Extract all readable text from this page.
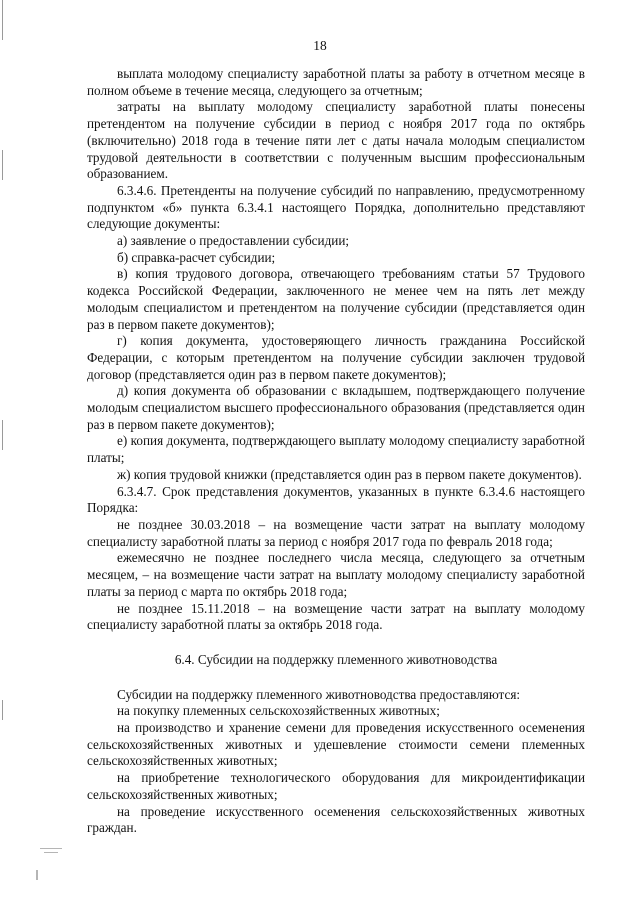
18

выплата молодому специалисту заработной платы за работу в отчетном месяце в полном объеме в течение месяца, следующего за отчетным;

затраты на выплату молодому специалисту заработной платы понесены претендентом на получение субсидии в период с ноября 2017 года по октябрь (включительно) 2018 года в течение пяти лет с даты начала молодым специалистом трудовой деятельности в соответствии с полученным высшим профессиональным образованием.

6.3.4.6. Претенденты на получение субсидий по направлению, предусмотренному подпунктом «б» пункта 6.3.4.1 настоящего Порядка, дополнительно представляют следующие документы:

а) заявление о предоставлении субсидии;

б) справка-расчет субсидии;

в) копия трудового договора, отвечающего требованиям статьи 57 Трудового кодекса Российской Федерации, заключенного не менее чем на пять лет между молодым специалистом и претендентом на получение субсидии (представляется один раз в первом пакете документов);

г) копия документа, удостоверяющего личность гражданина Российской Федерации, с которым претендентом на получение субсидии заключен трудовой договор (представляется один раз в первом пакете документов);

д) копия документа об образовании с вкладышем, подтверждающего получение молодым специалистом высшего профессионального образования (представляется один раз в первом пакете документов);

е) копия документа, подтверждающего выплату молодому специалисту заработной платы;

ж) копия трудовой книжки (представляется один раз в первом пакете документов).

6.3.4.7. Срок представления документов, указанных в пункте 6.3.4.6 настоящего Порядка:

не позднее 30.03.2018 – на возмещение части затрат на выплату молодому специалисту заработной платы за период с ноября 2017 года по февраль 2018 года;

ежемесячно не позднее последнего числа месяца, следующего за отчетным месяцем, – на возмещение части затрат на выплату молодому специалисту заработной платы за период с марта по октябрь 2018 года;

не позднее 15.11.2018 – на возмещение части затрат на выплату молодому специалисту заработной платы за октябрь 2018 года.

6.4. Субсидии на поддержку племенного животноводства

Субсидии на поддержку племенного животноводства предоставляются:

на покупку племенных сельскохозяйственных животных;

на производство и хранение семени для проведения искусственного осеменения сельскохозяйственных животных и удешевление стоимости семени племенных сельскохозяйственных животных;

на приобретение технологического оборудования для микроидентификации сельскохозяйственных животных;

на проведение искусственного осеменения сельскохозяйственных животных граждан.
